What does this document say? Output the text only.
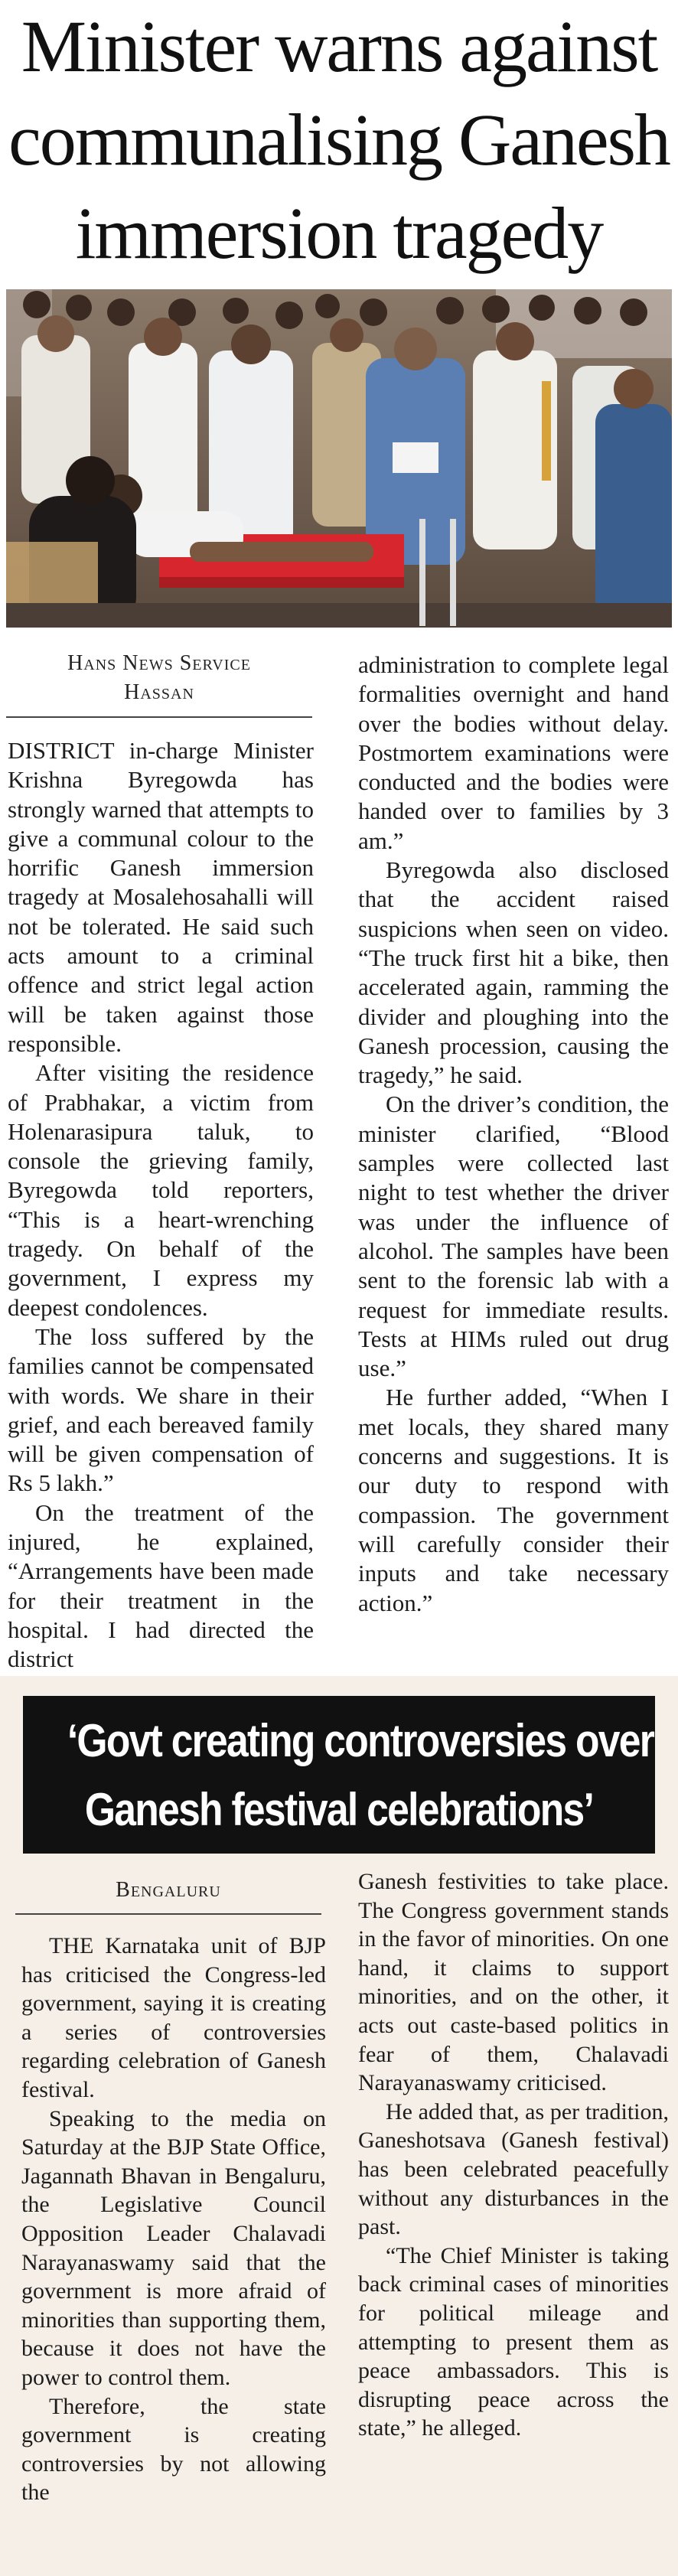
Minister warns against
communalising Ganesh
immersion tragedy
Hans News Service
Hassan

DISTRICT in-charge Minister Krishna Byregowda has strongly warned that attempts to give a communal colour to the horrific Ganesh immersion tragedy at Mosalehosahalli will not be tolerated. He said such acts amount to a criminal offence and strict legal action will be taken against those responsible.

After visiting the residence of Prabhakar, a victim from Holenarasipura taluk, to console the grieving family, Byregowda told reporters, “This is a heart-wrenching tragedy. On behalf of the government, I express my deepest condolences.

The loss suffered by the families cannot be compensated with words. We share in their grief, and each bereaved family will be given compensation of Rs 5 lakh.”

On the treatment of the injured, he explained, “Arrangements have been made for their treatment in the hospital. I had directed the district

administration to complete legal formalities overnight and hand over the bodies without delay. Postmortem examinations were conducted and the bodies were handed over to families by 3 am.”

Byregowda also disclosed that the accident raised suspicions when seen on video. “The truck first hit a bike, then accelerated again, ramming the divider and ploughing into the Ganesh procession, causing the tragedy,” he said.

On the driver’s condition, the minister clarified, “Blood samples were collected last night to test whether the driver was under the influence of alcohol. The samples have been sent to the forensic lab with a request for immediate results. Tests at HIMs ruled out drug use.”

He further added, “When I met locals, they shared many concerns and suggestions. It is our duty to respond with compassion. The government will carefully consider their inputs and take necessary action.”

‘Govt creating controversies over
Ganesh festival celebrations’
Bengaluru

THE Karnataka unit of BJP has criticised the Congress-led government, saying it is creating a series of controversies regarding celebration of Ganesh festival.

Speaking to the media on Saturday at the BJP State Office, Jagannath Bhavan in Bengaluru, the Legislative Council Opposition Leader Chalavadi Narayanaswamy said that the government is more afraid of minorities than supporting them, because it does not have the power to control them.

Therefore, the state government is creating controversies by not allowing the

Ganesh festivities to take place. The Congress government stands in the favor of minorities. On one hand, it claims to support minorities, and on the other, it acts out caste-based politics in fear of them, Chalavadi Narayanaswamy criticised.

He added that, as per tradition, Ganeshotsava (Ganesh festival) has been celebrated peacefully without any disturbances in the past.

“The Chief Minister is taking back criminal cases of minorities for political mileage and attempting to present them as peace ambassadors. This is disrupting peace across the state,” he alleged.
